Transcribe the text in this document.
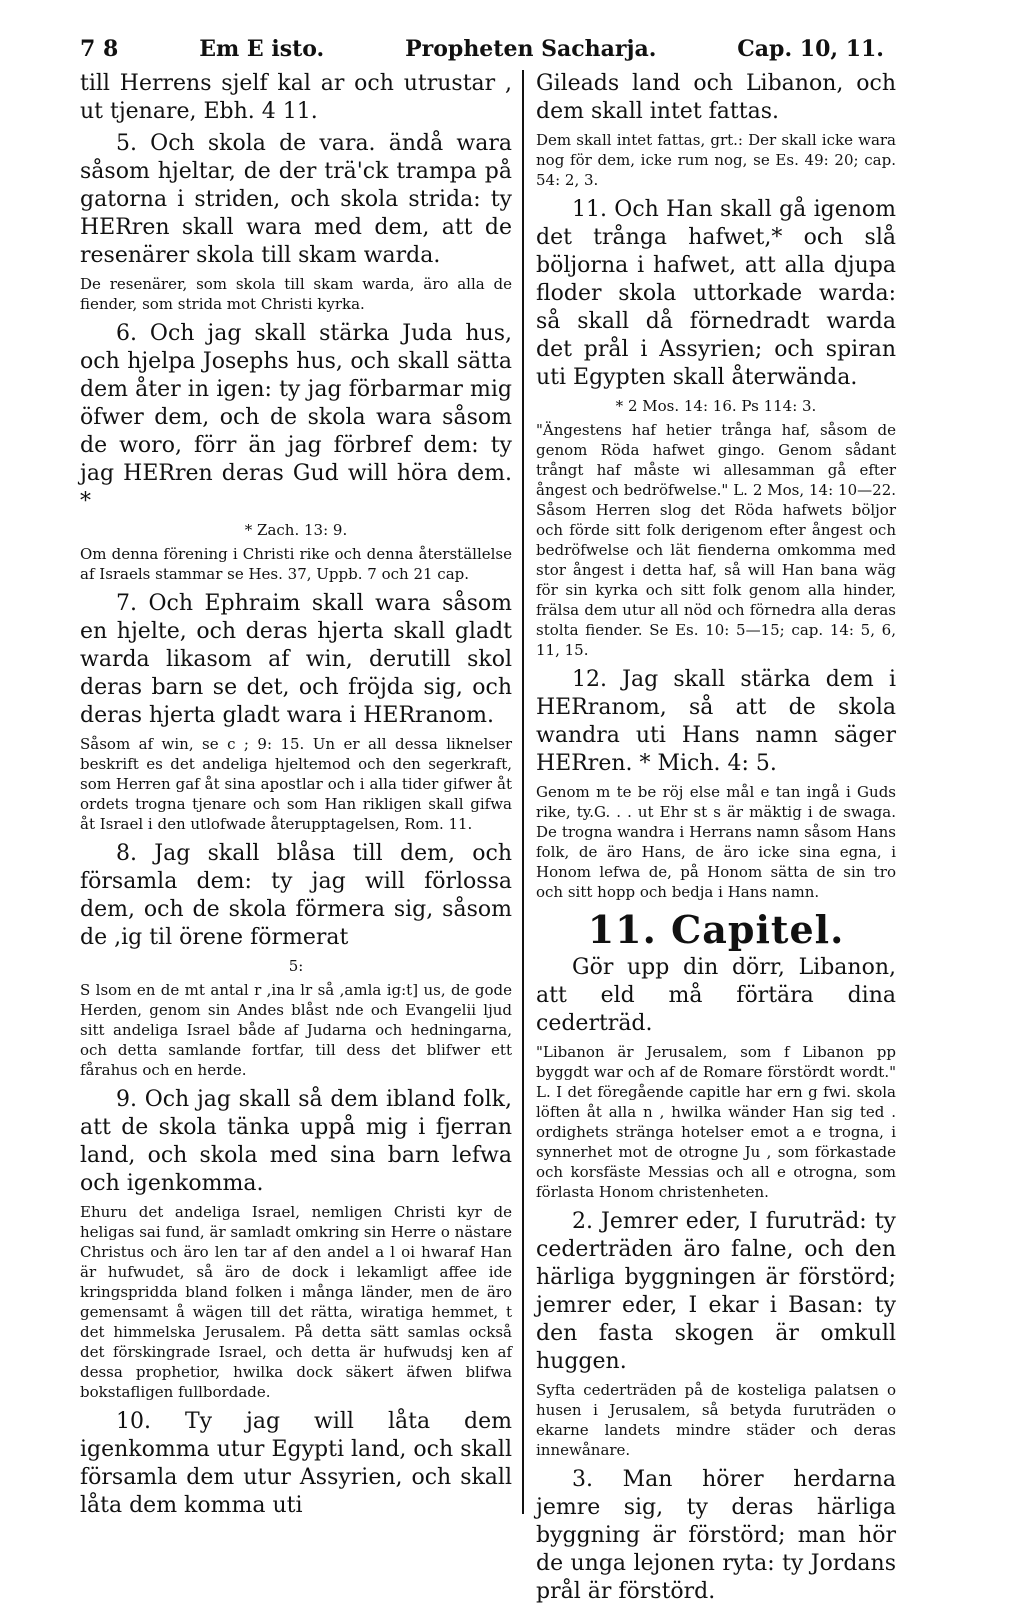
7 8	Em E isto.	Propheten Sacharja.	Cap. 10, 11.

till Herrens sjelf kal ar och utrustar , ut tjenare, Ebh. 4 11.

5. Och skola de vara. ändå wara såsom hjeltar, de der trä'ck trampa på gatorna i striden, och skola strida: ty HERren skall wara med dem, att de resenärer skola till skam warda.

De resenärer, som skola till skam warda, äro alla de fiender, som strida mot Christi kyrka.

6. Och jag skall stärka Juda hus, och hjelpa Josephs hus, och skall sätta dem åter in igen: ty jag förbarmar mig öfwer dem, och de skola wara såsom de woro, förr än jag förbref dem: ty jag HERren deras Gud will höra dem. *

* Zach. 13: 9.

Om denna förening i Christi rike och denna återställelse af Israels stammar se Hes. 37, Uppb. 7 och 21 cap.

7. Och Ephraim skall wara såsom en hjelte, och deras hjerta skall gladt warda likasom af win, derutill skol deras barn se det, och fröjda sig, och deras hjerta gladt wara i HERranom.

Såsom af win, se c ; 9: 15. Un er all dessa liknelser beskrift es det andeliga hjeltemod och den segerkraft, som Herren gaf åt sina apostlar och i alla tider gifwer åt ordets trogna tjenare och som Han rikligen skall gifwa åt Israel i den utlofwade återupptagelsen, Rom. 11.

8. Jag skall blåsa till dem, och församla dem: ty jag will förlossa dem, och de skola förmera sig, såsom de ,ig til örene förmerat

5:

S lsom en de mt antal r ,ina lr så ,amla ig:t] us, de gode Herden, genom sin Andes blåst nde och Evangelii ljud sitt andeliga Israel både af Judarna och hedningarna, och detta samlande fortfar, till dess det blifwer ett fårahus och en herde.

9. Och jag skall så dem ibland folk, att de skola tänka uppå mig i fjerran land, och skola med sina barn lefwa och igenkomma.

Ehuru det andeliga Israel, nemligen Christi kyr de heligas sai fund, är samladt omkring sin Herre o nästare Christus och äro len tar af den andel a l oi hwaraf Han är hufwudet, så äro de dock i lekamligt affee ide kringspridda bland folken i många länder, men de äro gemensamt å wägen till det rätta, wiratiga hemmet, t det himmelska Jerusalem. På detta sätt samlas också det förskingrade Israel, och detta är hufwudsj ken af dessa prophetior, hwilka dock säkert äfwen blifwa bokstafligen fullbordade.

10. Ty jag will låta dem igenkomma utur Egypti land, och skall församla dem utur Assyrien, och skall låta dem komma uti

Gileads land och Libanon, och dem skall intet fattas.

Dem skall intet fattas, grt.: Der skall icke wara nog för dem, icke rum nog, se Es. 49: 20; cap. 54: 2, 3.

11. Och Han skall gå igenom det trånga hafwet,* och slå böljorna i hafwet, att alla djupa floder skola uttorkade warda: så skall då förnedradt warda det prål i Assyrien; och spiran uti Egypten skall återwända.

* 2 Mos. 14: 16. Ps 114: 3.

"Ängestens haf hetier trånga haf, såsom de genom Röda hafwet gingo. Genom sådant trångt haf måste wi allesamman gå efter ångest och bedröfwelse." L. 2 Mos, 14: 10—22. Såsom Herren slog det Röda hafwets böljor och förde sitt folk derigenom efter ångest och bedröfwelse och lät fienderna omkomma med stor ångest i detta haf, så will Han bana wäg för sin kyrka och sitt folk genom alla hinder, frälsa dem utur all nöd och förnedra alla deras stolta fiender. Se Es. 10: 5—15; cap. 14: 5, 6, 11, 15.

12. Jag skall stärka dem i HERranom, så att de skola wandra uti Hans namn säger HERren. * Mich. 4: 5.

Genom m te be röj else mål e tan ingå i Guds rike, ty.G. . . ut Ehr st s är mäktig i de swaga. De trogna wandra i Herrans namn såsom Hans folk, de äro Hans, de äro icke sina egna, i Honom lefwa de, på Honom sätta de sin tro och sitt hopp och bedja i Hans namn.

11. Capitel.

Gör upp din dörr, Libanon, att eld må förtära dina cederträd.

"Libanon är Jerusalem, som f Libanon pp byggdt war och af de Romare förstördt wordt." L. I det föregående capitle har ern g fwi. skola löften åt alla n , hwilka wänder Han sig ted . ordighets stränga hotelser emot a e trogna, i synnerhet mot de otrogne Ju , som förkastade och korsfäste Messias och all e otrogna, som förlasta Honom christenheten.

2. Jemrer eder, I furuträd: ty cederträden äro falne, och den härliga byggningen är förstörd; jemrer eder, I ekar i Basan: ty den fasta skogen är omkull huggen.

Syfta cederträden på de kosteliga palatsen o husen i Jerusalem, så betyda furuträden o ekarne landets mindre städer och deras innewånare.

3. Man hörer herdarna jemre sig, ty deras härliga byggning är förstörd; man hör de unga lejonen ryta: ty Jordans prål är förstörd.
